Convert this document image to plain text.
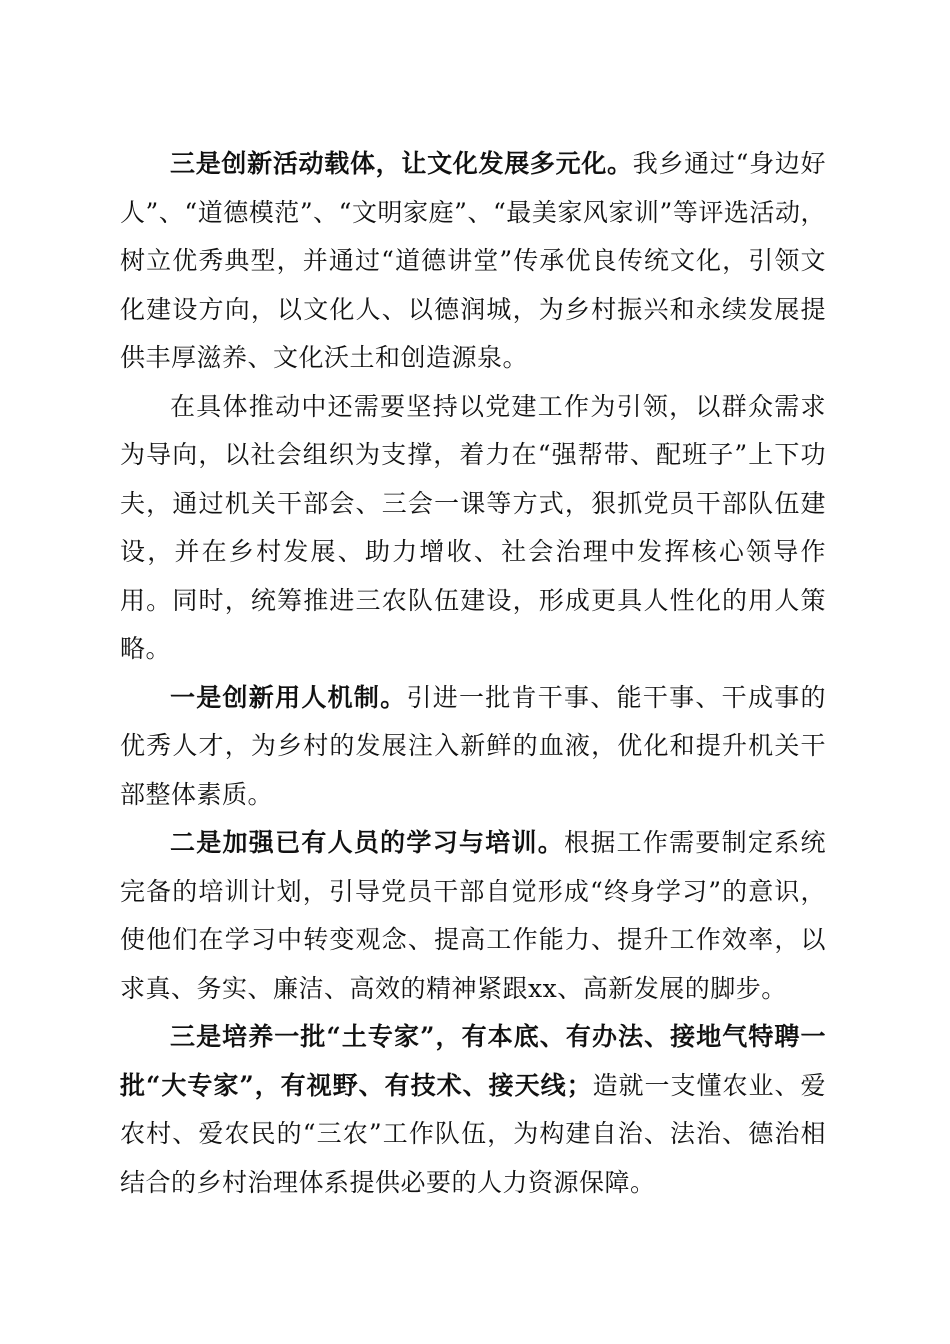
三是创新活动载体，让文化发展多元化。我乡通过“身边好人”、“道德模范”、“文明家庭”、“最美家风家训”等评选活动，树立优秀典型，并通过“道德讲堂”传承优良传统文化，引领文化建设方向，以文化人、以德润城，为乡村振兴和永续发展提供丰厚滋养、文化沃土和创造源泉。

在具体推动中还需要坚持以党建工作为引领，以群众需求为导向，以社会组织为支撑，着力在“强帮带、配班子”上下功夫，通过机关干部会、三会一课等方式，狠抓党员干部队伍建设，并在乡村发展、助力增收、社会治理中发挥核心领导作用。同时，统筹推进三农队伍建设，形成更具人性化的用人策略。

一是创新用人机制。引进一批肯干事、能干事、干成事的优秀人才，为乡村的发展注入新鲜的血液，优化和提升机关干部整体素质。

二是加强已有人员的学习与培训。根据工作需要制定系统完备的培训计划，引导党员干部自觉形成“终身学习”的意识，使他们在学习中转变观念、提高工作能力、提升工作效率，以求真、务实、廉洁、高效的精神紧跟xx、高新发展的脚步。

三是培养一批“土专家”，有本底、有办法、接地气特聘一批“大专家”，有视野、有技术、接天线；造就一支懂农业、爱农村、爱农民的“三农”工作队伍，为构建自治、法治、德治相结合的乡村治理体系提供必要的人力资源保障。
